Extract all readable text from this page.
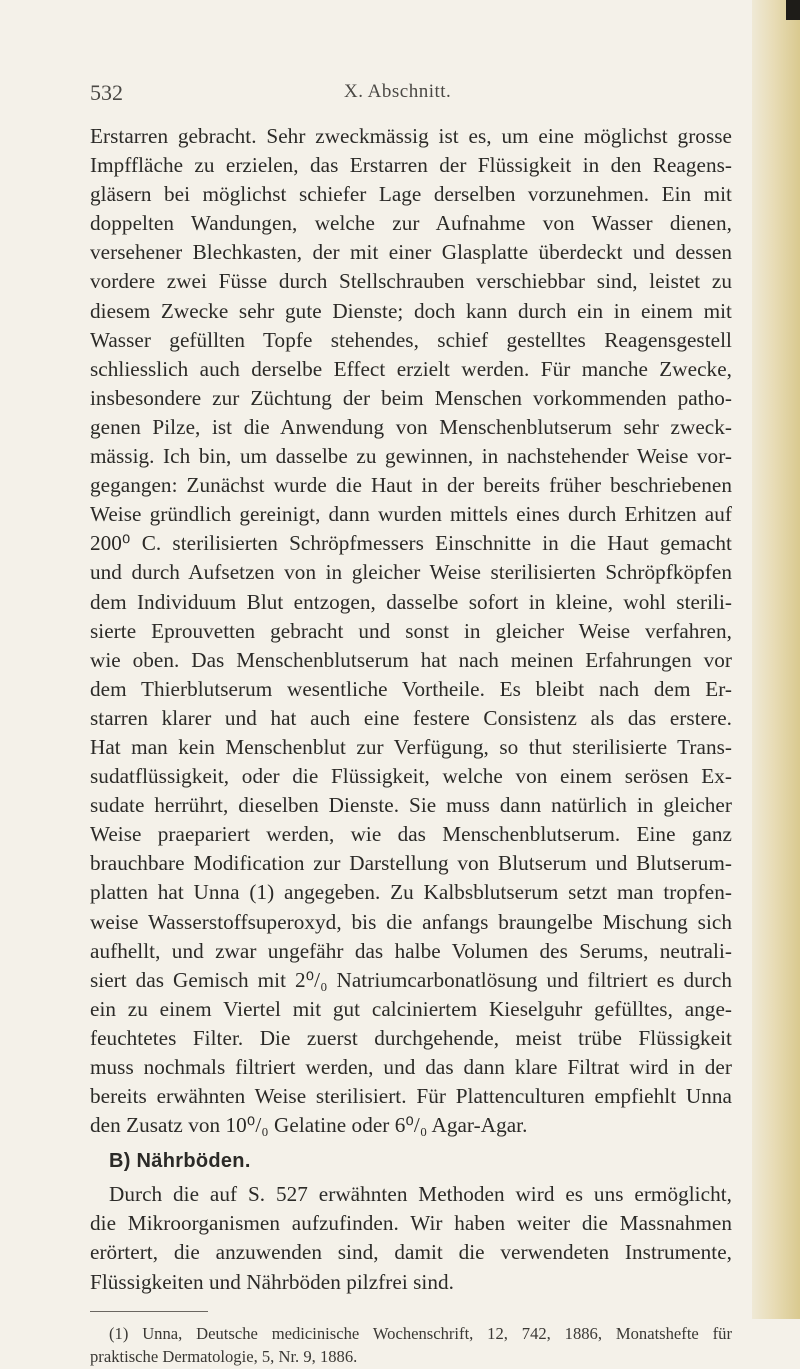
532	X. Abschnitt.
Erstarren gebracht. Sehr zweckmässig ist es, um eine möglichst grosse
Impffläche zu erzielen, das Erstarren der Flüssigkeit in den Reagens-
gläsern bei möglichst schiefer Lage derselben vorzunehmen. Ein mit
doppelten Wandungen, welche zur Aufnahme von Wasser dienen,
versehener Blechkasten, der mit einer Glasplatte überdeckt und dessen
vordere zwei Füsse durch Stellschrauben verschiebbar sind, leistet zu
diesem Zwecke sehr gute Dienste; doch kann durch ein in einem mit
Wasser gefüllten Topfe stehendes, schief gestelltes Reagensgestell
schliesslich auch derselbe Effect erzielt werden. Für manche Zwecke,
insbesondere zur Züchtung der beim Menschen vorkommenden patho-
genen Pilze, ist die Anwendung von Menschenblutserum sehr zweck-
mässig. Ich bin, um dasselbe zu gewinnen, in nachstehender Weise vor-
gegangen: Zunächst wurde die Haut in der bereits früher beschriebenen
Weise gründlich gereinigt, dann wurden mittels eines durch Erhitzen auf
200⁰ C. sterilisierten Schröpfmessers Einschnitte in die Haut gemacht
und durch Aufsetzen von in gleicher Weise sterilisierten Schröpfköpfen
dem Individuum Blut entzogen, dasselbe sofort in kleine, wohl sterili-
sierte Eprouvetten gebracht und sonst in gleicher Weise verfahren,
wie oben. Das Menschenblutserum hat nach meinen Erfahrungen vor
dem Thierblutserum wesentliche Vortheile. Es bleibt nach dem Er-
starren klarer und hat auch eine festere Consistenz als das erstere.
Hat man kein Menschenblut zur Verfügung, so thut sterilisierte Trans-
sudatflüssigkeit, oder die Flüssigkeit, welche von einem serösen Ex-
sudate herrührt, dieselben Dienste. Sie muss dann natürlich in gleicher
Weise praepariert werden, wie das Menschenblutserum. Eine ganz
brauchbare Modification zur Darstellung von Blutserum und Blutserum-
platten hat Unna (1) angegeben. Zu Kalbsblutserum setzt man tropfen-
weise Wasserstoffsuperoxyd, bis die anfangs braungelbe Mischung sich
aufhellt, und zwar ungefähr das halbe Volumen des Serums, neutrali-
siert das Gemisch mit 2⁰/₀ Natriumcarbonatlösung und filtriert es durch
ein zu einem Viertel mit gut calciniertem Kieselguhr gefülltes, ange-
feuchtetes Filter. Die zuerst durchgehende, meist trübe Flüssigkeit
muss nochmals filtriert werden, und das dann klare Filtrat wird in der
bereits erwähnten Weise sterilisiert. Für Plattenculturen empfiehlt Unna
den Zusatz von 10⁰/₀ Gelatine oder 6⁰/₀ Agar-Agar.
B) Nährböden.
Durch die auf S. 527 erwähnten Methoden wird es uns ermöglicht,
die Mikroorganismen aufzufinden. Wir haben weiter die Massnahmen
erörtert, die anzuwenden sind, damit die verwendeten Instrumente,
Flüssigkeiten und Nährböden pilzfrei sind.
(1) Unna, Deutsche medicinische Wochenschrift, 12, 742, 1886, Monatshefte für
praktische Dermatologie, 5, Nr. 9, 1886.
